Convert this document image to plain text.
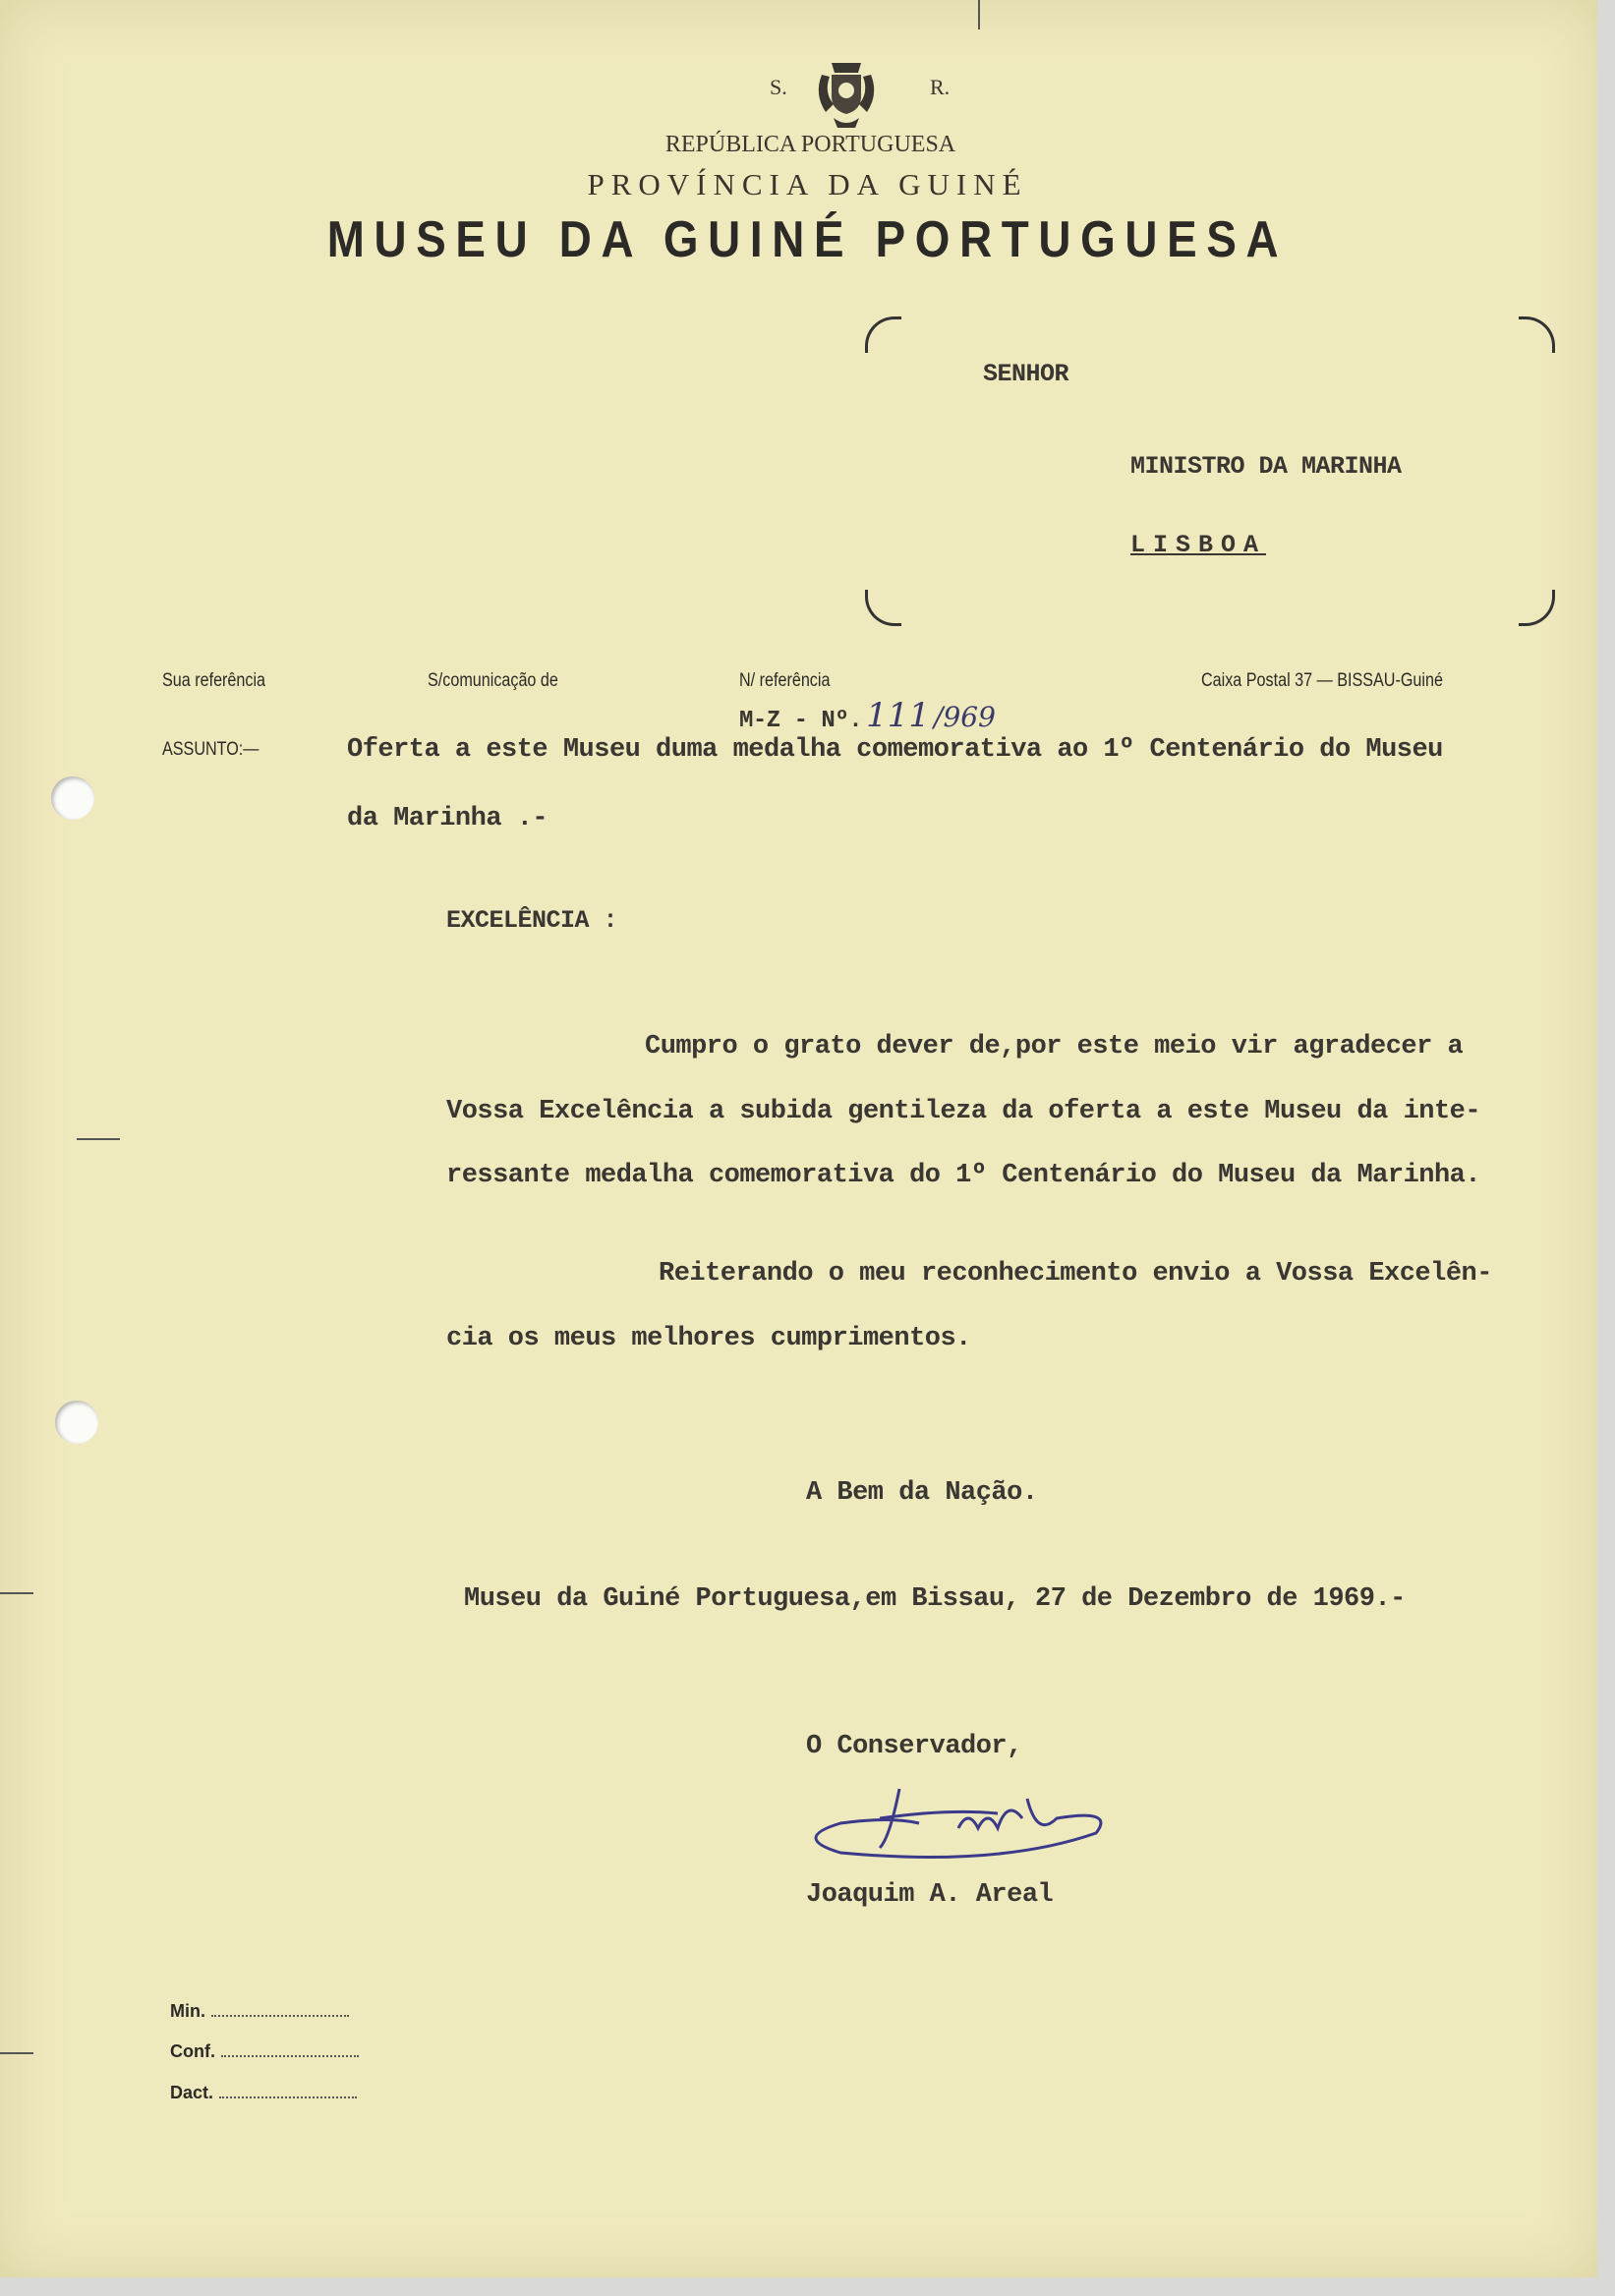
S.	R.
REPÚBLICA PORTUGUESA
PROVÍNCIA DA GUINÉ
MUSEU DA GUINÉ PORTUGUESA
SENHOR
MINISTRO DA MARINHA
LISBOA
Sua referência	S/comunicação de	N/ referência	Caixa Postal 37 — BISSAU-Guiné
M-Z - Nº. 111 /969
ASSUNTO:—	Oferta a este Museu duma medalha comemorativa ao 1º Centenário do Museu
da Marinha .-
EXCELÊNCIA :
Cumpro o grato dever de,por este meio vir agradecer a
Vossa Excelência a subida gentileza da oferta a este Museu da inte-
ressante medalha comemorativa do 1º Centenário do Museu da Marinha.
Reiterando o meu reconhecimento envio a Vossa Excelên-
cia os meus melhores cumprimentos.
A Bem da Nação.
Museu da Guiné Portuguesa,em Bissau, 27 de Dezembro de 1969.-
O Conservador,
Joaquim A. Areal
Min.
Conf.
Dact.
